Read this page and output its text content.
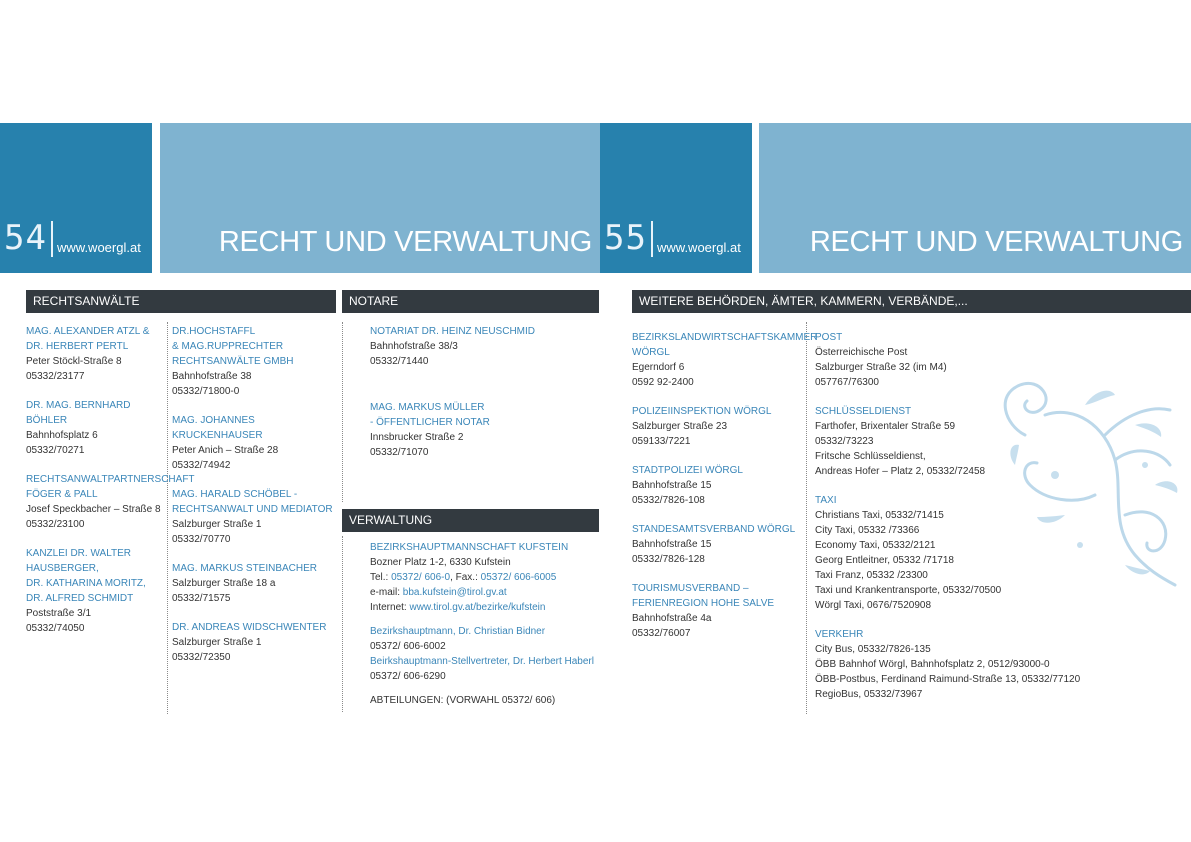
54 www.woergl.at	RECHT UND VERWALTUNG 55 www.woergl.at RECHT UND VERWALTUNG
RECHTSANWÄLTE	NOTARE
VERWALTUNG
WEITERE BEHÖRDEN, ÄMTER, KAMMERN, VERBÄNDE,...
MAG. ALEXANDER ATZL &
DR. HERBERT PERTL
Peter Stöckl-Straße 8
05332/23177
DR. MAG. BERNHARD BÖHLER
Bahnhofsplatz 6
05332/70271
RECHTSANWALTPARTNERSCHAFT
FÖGER & PALL
Josef Speckbacher – Straße 8
05332/23100
KANZLEI DR. WALTER
HAUSBERGER,
DR. KATHARINA MORITZ,
DR. ALFRED SCHMIDT
Poststraße 3/1
05332/74050
DR.HOCHSTAFFL
& MAG.RUPPRECHTER
RECHTSANWÄLTE GMBH
Bahnhofstraße 38
05332/71800-0
MAG. JOHANNES
KRUCKENHAUSER
Peter Anich – Straße 28
05332/74942
MAG. HARALD SCHÖBEL -
RECHTSANWALT UND MEDIATOR
Salzburger Straße 1
05332/70770
MAG. MARKUS STEINBACHER
Salzburger Straße 18 a
05332/71575
DR. ANDREAS WIDSCHWENTER
Salzburger Straße 1
05332/72350
NOTARIAT DR. HEINZ NEUSCHMID
Bahnhofstraße 38/3
05332/71440
MAG. MARKUS MÜLLER
- ÖFFENTLICHER NOTAR
Innsbrucker Straße 2
05332/71070
BEZIRKSHAUPTMANNSCHAFT KUFSTEIN
Bozner Platz 1-2, 6330 Kufstein
Tel.: 05372/ 606-0, Fax.: 05372/ 606-6005
e-mail: bba.kufstein@tirol.gv.at
Internet: www.tirol.gv.at/bezirke/kufstein
Bezirkshauptmann, Dr. Christian Bidner
05372/ 606-6002
Beirkshauptmann-Stellvertreter, Dr. Herbert Haberl
05372/ 606-6290
ABTEILUNGEN: (VORWAHL 05372/ 606)
BEZIRKSLANDWIRTSCHAFTSKAMMER
WÖRGL
Egerndorf 6
0592 92-2400
POLIZEIINSPEKTION WÖRGL
Salzburger Straße 23
059133/7221
STADTPOLIZEI WÖRGL
Bahnhofstraße 15
05332/7826-108
STANDESAMTSVERBAND WÖRGL
Bahnhofstraße 15
05332/7826-128
TOURISMUSVERBAND –
FERIENREGION HOHE SALVE
Bahnhofstraße 4a
05332/76007
POST
Österreichische Post
Salzburger Straße 32 (im M4)
057767/76300
SCHLÜSSELDIENST
Farthofer, Brixentaler Straße 59
05332/73223
Fritsche Schlüsseldienst,
Andreas Hofer – Platz 2, 05332/72458
TAXI
Christians Taxi, 05332/71415
City Taxi, 05332 /73366
Economy Taxi, 05332/2121
Georg Entleitner, 05332 /71718
Taxi Franz, 05332 /23300
Taxi und Krankentransporte, 05332/70500
Wörgl Taxi, 0676/7520908
VERKEHR
City Bus, 05332/7826-135
ÖBB Bahnhof Wörgl, Bahnhofsplatz 2, 0512/93000-0
ÖBB-Postbus, Ferdinand Raimund-Straße 13, 05332/77120
RegioBus, 05332/73967
